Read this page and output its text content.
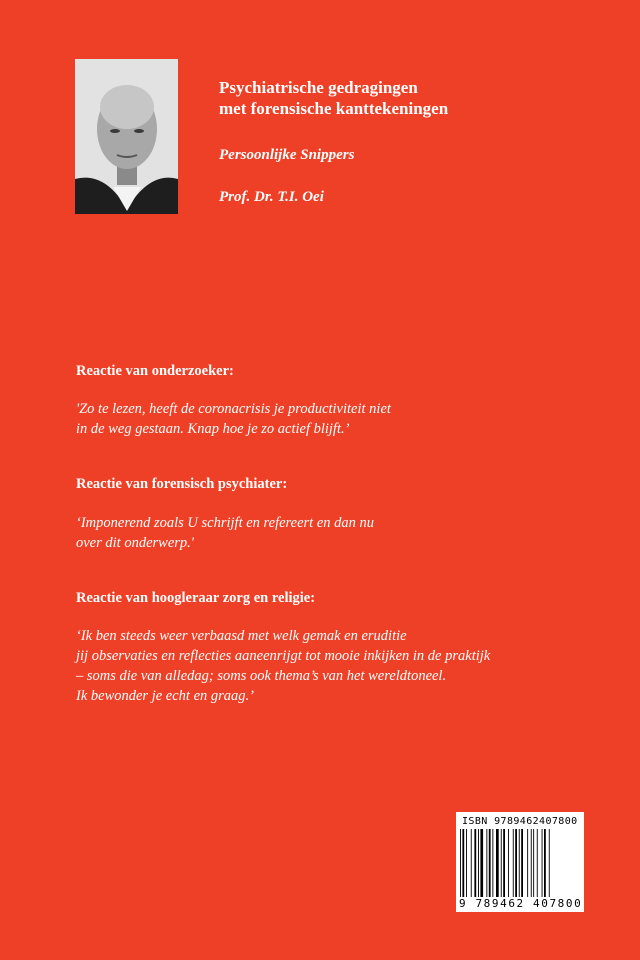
Psychiatrische gedragingen
met forensische kanttekeningen
Persoonlijke Snippers
Prof. Dr. T.I. Oei
Reactie van onderzoeker:
'Zo te lezen, heeft de coronacrisis je productiviteit niet
in de weg gestaan. Knap hoe je zo actief blijft.’
Reactie van forensisch psychiater:
‘Imponerend zoals U schrijft en refereert en dan nu
over dit onderwerp.'
Reactie van hoogleraar zorg en religie:
‘Ik ben steeds weer verbaasd met welk gemak en eruditie
jij observaties en reflecties aaneenrijgt tot mooie inkijken in de praktijk
– soms die van alledag; soms ook thema’s van het wereldtoneel.
Ik bewonder je echt en graag.’
ISBN 9789462407800
9 789462 407800
